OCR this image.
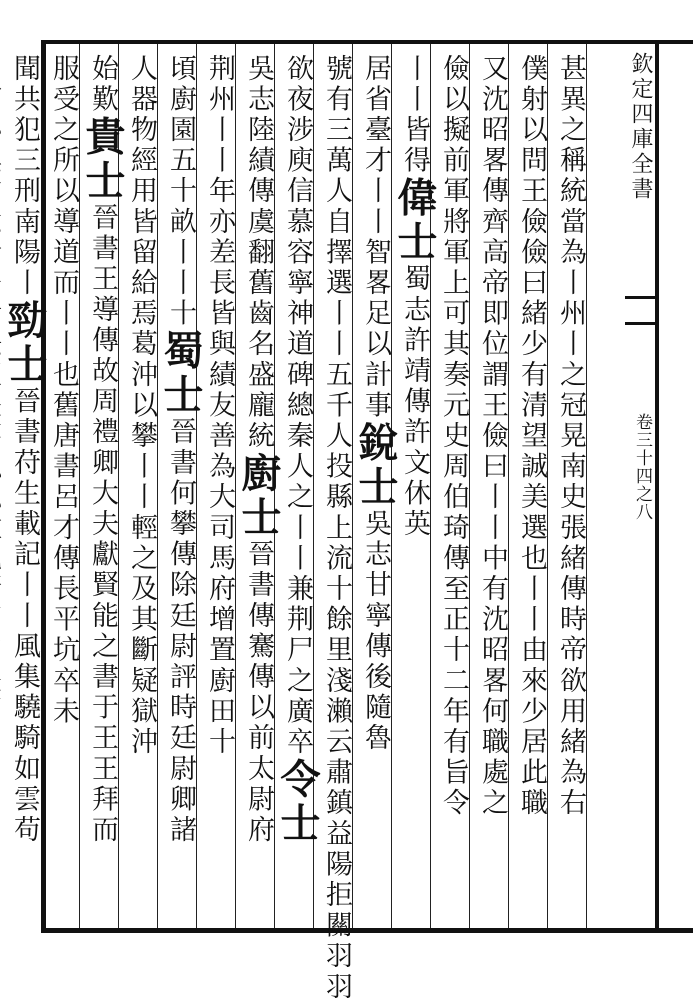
欽定四庫全書
卷三十四之八
甚異之稱統當為丨州丨之冠晃南史張緒傳時帝欲用緒為右
僕射以問王儉儉曰緒少有清望誠美選也丨丨由來少居此職
又沈昭畧傳齊高帝即位謂王儉曰丨丨中有沈昭畧何職處之
儉以擬前軍將軍上可其奏元史周伯琦傳至正十二年有旨令
丨丨皆得偉士蜀志許靖傳許文休英
居省臺才丨丨智畧足以計事銳士吳志甘寧傳後隨魯
號有三萬人自擇選丨丨五千人投縣上流十餘里淺瀨云肅鎮益陽拒關羽羽
欲夜涉庾信慕容寧神道碑總秦人之丨丨兼荆尸之廣卒令士
吳志陸績傳虞翻舊齒名盛龐統廚士晉書傳騫傳以前太尉府
荆州丨丨年亦差長皆與績友善為大司馬府增置廚田十
頃廚園五十畝丨丨十蜀士晉書何攀傳除廷尉評時廷尉卿諸
人器物經用皆留給焉葛沖以攀丨丨輕之及其斷疑獄沖
始歎貴士晉書王導傳故周禮卿大夫獻賢能之書于王王拜而
服受之所以導道而丨丨也舊唐書呂才傳長平坑卒未
聞共犯三刑南陽丨勁士晉書苻生載記丨丨風集驍騎如雲苟
